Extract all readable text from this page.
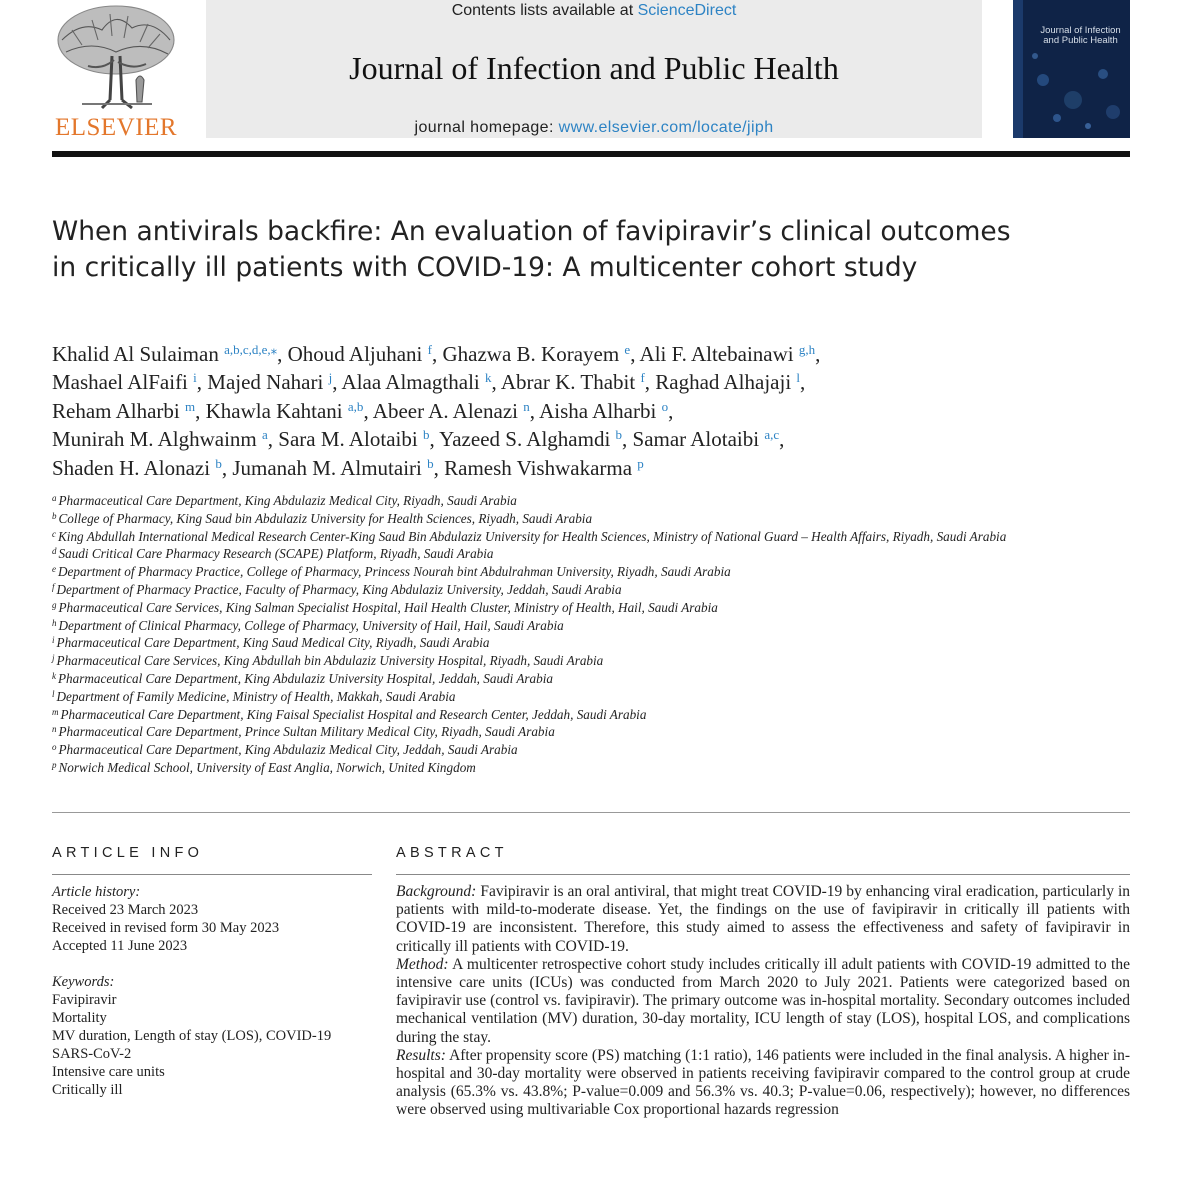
ELSEVIER
Contents lists available at ScienceDirect
Journal of Infection and Public Health
journal homepage: www.elsevier.com/locate/jiph
Journal of Infection and Public Health
When antivirals backfire: An evaluation of favipiravir’s clinical outcomes
in critically ill patients with COVID-19: A multicenter cohort study
Khalid Al Sulaiman $^{a,b,c,d,e,⁎}$, Ohoud Aljuhani $^f$, Ghazwa B. Korayem $^e$, Ali F. Altebainawi $^{g,h}$,
Mashael AlFaifi $^i$, Majed Nahari $^j$, Alaa Almagthali $^k$, Abrar K. Thabit $^f$, Raghad Alhajaji $^l$,
Reham Alharbi $^m$, Khawla Kahtani $^{a,b}$, Abeer A. Alenazi $^n$, Aisha Alharbi $^o$,
Munirah M. Alghwainm $^a$, Sara M. Alotaibi $^b$, Yazeed S. Alghamdi $^b$, Samar Alotaibi $^{a,c}$,
Shaden H. Alonazi $^b$, Jumanah M. Almutairi $^b$, Ramesh Vishwakarma $^p$
$^a$ Pharmaceutical Care Department, King Abdulaziz Medical City, Riyadh, Saudi Arabia
$^b$ College of Pharmacy, King Saud bin Abdulaziz University for Health Sciences, Riyadh, Saudi Arabia
$^c$ King Abdullah International Medical Research Center-King Saud Bin Abdulaziz University for Health Sciences, Ministry of National Guard – Health Affairs, Riyadh, Saudi Arabia
$^d$ Saudi Critical Care Pharmacy Research (SCAPE) Platform, Riyadh, Saudi Arabia
$^e$ Department of Pharmacy Practice, College of Pharmacy, Princess Nourah bint Abdulrahman University, Riyadh, Saudi Arabia
$^f$ Department of Pharmacy Practice, Faculty of Pharmacy, King Abdulaziz University, Jeddah, Saudi Arabia
$^g$ Pharmaceutical Care Services, King Salman Specialist Hospital, Hail Health Cluster, Ministry of Health, Hail, Saudi Arabia
$^h$ Department of Clinical Pharmacy, College of Pharmacy, University of Hail, Hail, Saudi Arabia
$^i$ Pharmaceutical Care Department, King Saud Medical City, Riyadh, Saudi Arabia
$^j$ Pharmaceutical Care Services, King Abdullah bin Abdulaziz University Hospital, Riyadh, Saudi Arabia
$^k$ Pharmaceutical Care Department, King Abdulaziz University Hospital, Jeddah, Saudi Arabia
$^l$ Department of Family Medicine, Ministry of Health, Makkah, Saudi Arabia
$^m$ Pharmaceutical Care Department, King Faisal Specialist Hospital and Research Center, Jeddah, Saudi Arabia
$^n$ Pharmaceutical Care Department, Prince Sultan Military Medical City, Riyadh, Saudi Arabia
$^o$ Pharmaceutical Care Department, King Abdulaziz Medical City, Jeddah, Saudi Arabia
$^p$ Norwich Medical School, University of East Anglia, Norwich, United Kingdom
ARTICLE INFO	ABSTRACT
Article history:
Received 23 March 2023
Received in revised form 30 May 2023
Accepted 11 June 2023
Keywords:
Favipiravir
Mortality
MV duration, Length of stay (LOS), COVID-19
SARS-CoV-2
Intensive care units
Critically ill

Background: Favipiravir is an oral antiviral, that might treat COVID-19 by enhancing viral eradication, particularly in patients with mild-to-moderate disease. Yet, the findings on the use of favipiravir in critically ill patients with COVID-19 are inconsistent. Therefore, this study aimed to assess the effectiveness and safety of favipiravir in critically ill patients with COVID-19.

Method: A multicenter retrospective cohort study includes critically ill adult patients with COVID-19 admitted to the intensive care units (ICUs) was conducted from March 2020 to July 2021. Patients were categorized based on favipiravir use (control vs. favipiravir). The primary outcome was in-hospital mortality. Secondary outcomes included mechanical ventilation (MV) duration, 30-day mortality, ICU length of stay (LOS), hospital LOS, and complications during the stay.

Results: After propensity score (PS) matching (1:1 ratio), 146 patients were included in the final analysis. A higher in-hospital and 30-day mortality were observed in patients receiving favipiravir compared to the control group at crude analysis (65.3% vs. 43.8%; P-value=0.009 and 56.3% vs. 40.3; P-value=0.06, respectively); however, no differences were observed using multivariable Cox proportional hazards regression
